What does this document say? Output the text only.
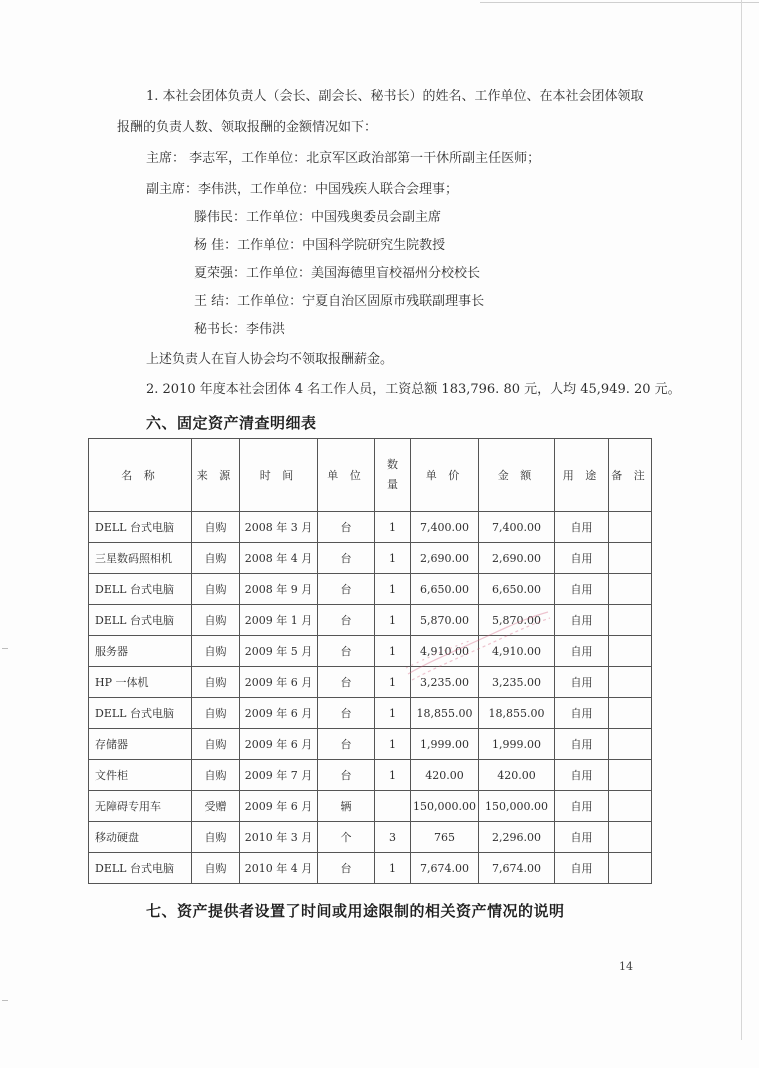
1. 本社会团体负责人（会长、副会长、秘书长）的姓名、工作单位、在本社会团体领取
报酬的负责人数、领取报酬的金额情况如下：
主席： 李志军，工作单位：北京军区政治部第一干休所副主任医师；
副主席：李伟洪，工作单位：中国残疾人联合会理事；
滕伟民：工作单位：中国残奥委员会副主席
杨 佳：工作单位：中国科学院研究生院教授
夏荣强：工作单位：美国海德里盲校福州分校校长
王 结：工作单位：宁夏自治区固原市残联副理事长
秘书长：李伟洪
上述负责人在盲人协会均不领取报酬薪金。
2. 2010 年度本社会团体 4 名工作人员，工资总额 183,796. 80 元，人均 45,949. 20 元。
六、固定资产清查明细表
名 称	来 源	时 间	单 位	数 量	单 价	金 额	用 途	备 注
DELL 台式电脑	自购	2008 年 3 月	台	1	7,400.00	7,400.00	自用	
三星数码照相机	自购	2008 年 4 月	台	1	2,690.00	2,690.00	自用	
DELL 台式电脑	自购	2008 年 9 月	台	1	6,650.00	6,650.00	自用	
DELL 台式电脑	自购	2009 年 1 月	台	1	5,870.00	5,870.00	自用	
服务器	自购	2009 年 5 月	台	1	4,910.00	4,910.00	自用	
HP 一体机	自购	2009 年 6 月	台	1	3,235.00	3,235.00	自用	
DELL 台式电脑	自购	2009 年 6 月	台	1	18,855.00	18,855.00	自用	
存储器	自购	2009 年 6 月	台	1	1,999.00	1,999.00	自用	
文件柜	自购	2009 年 7 月	台	1	420.00	420.00	自用	
无障碍专用车	受赠	2009 年 6 月	辆		150,000.00	150,000.00	自用	
移动硬盘	自购	2010 年 3 月	个	3	765	2,296.00	自用	
DELL 台式电脑	自购	2010 年 4 月	台	1	7,674.00	7,674.00	自用	
七、资产提供者设置了时间或用途限制的相关资产情况的说明
14
